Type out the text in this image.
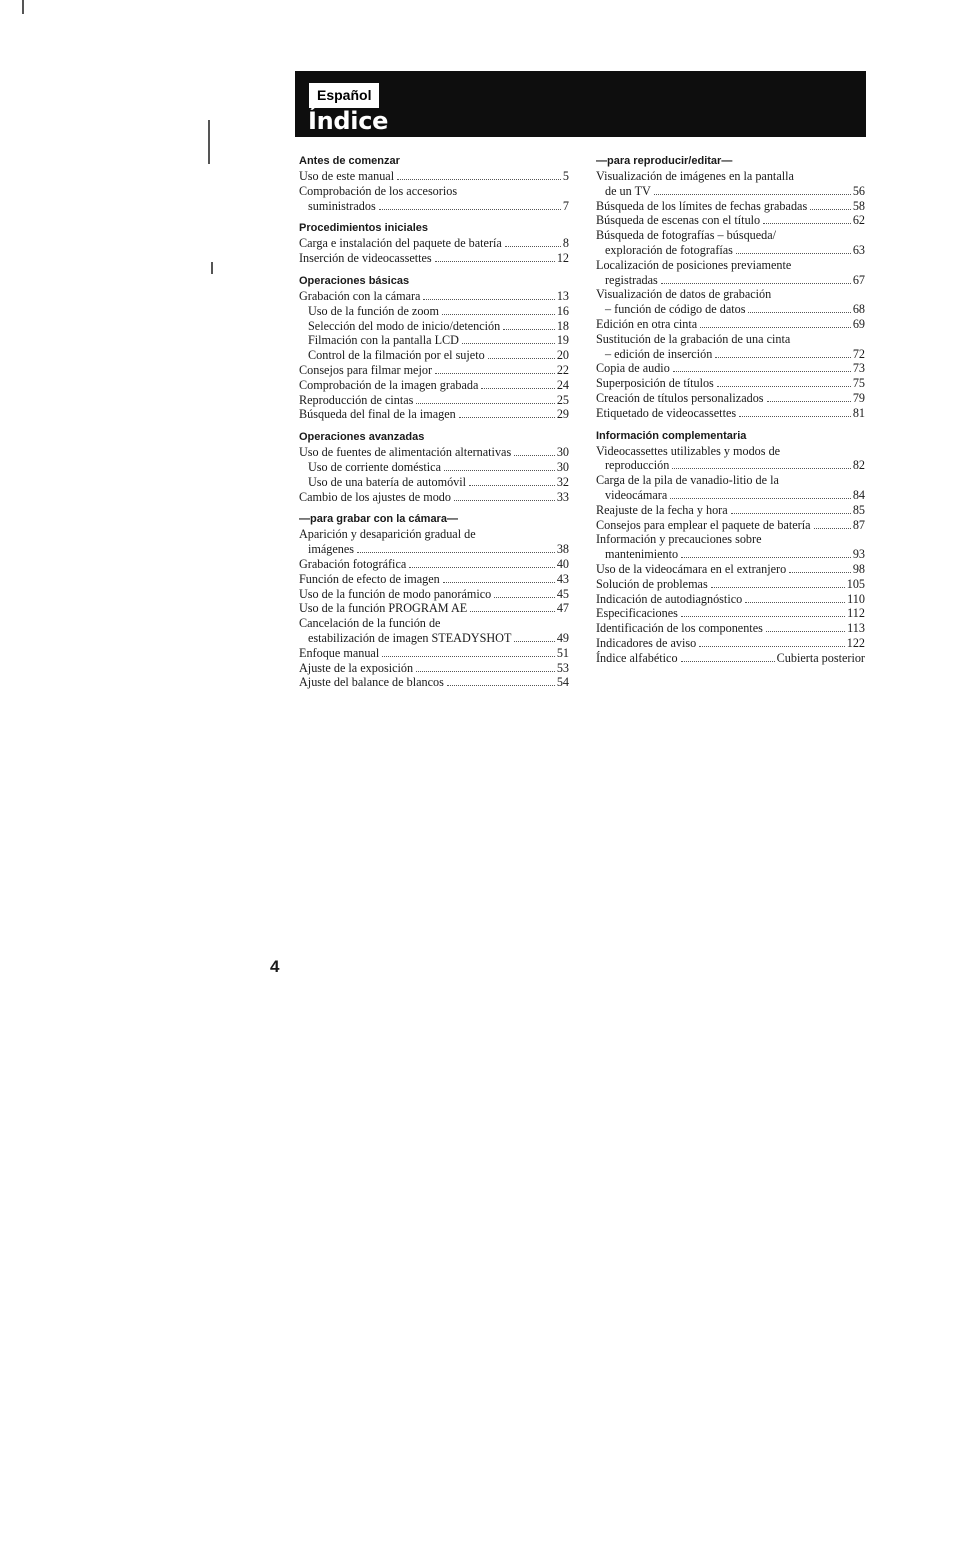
Español
Índice
Antes de comenzar
Uso de este manual	5
Comprobación de los accesorios
suministrados	7
Procedimientos iniciales
Carga e instalación del paquete de batería	8
Inserción de videocassettes	12
Operaciones básicas
Grabación con la cámara	13
Uso de la función de zoom	16
Selección del modo de inicio/detención	18
Filmación con la pantalla LCD	19
Control de la filmación por el sujeto	20
Consejos para filmar mejor	22
Comprobación de la imagen grabada	24
Reproducción de cintas	25
Búsqueda del final de la imagen	29
Operaciones avanzadas
Uso de fuentes de alimentación alternativas	30
Uso de corriente doméstica	30
Uso de una batería de automóvil	32
Cambio de los ajustes de modo	33
—para grabar con la cámara—
Aparición y desaparición gradual de
imágenes	38
Grabación fotográfica	40
Función de efecto de imagen	43
Uso de la función de modo panorámico	45
Uso de la función PROGRAM AE	47
Cancelación de la función de
estabilización de imagen STEADYSHOT	49
Enfoque manual	51
Ajuste de la exposición	53
Ajuste del balance de blancos	54
—para reproducir/editar—
Visualización de imágenes en la pantalla
de un TV	56
Búsqueda de los límites de fechas grabadas	58
Búsqueda de escenas con el título	62
Búsqueda de fotografías – búsqueda/
exploración de fotografías	63
Localización de posiciones previamente
registradas	67
Visualización de datos de grabación
– función de código de datos	68
Edición en otra cinta	69
Sustitución de la grabación de una cinta
– edición de inserción	72
Copia de audio	73
Superposición de títulos	75
Creación de títulos personalizados	79
Etiquetado de videocassettes	81
Información complementaria
Videocassettes utilizables y modos de
reproducción	82
Carga de la pila de vanadio-litio de la
videocámara	84
Reajuste de la fecha y hora	85
Consejos para emplear el paquete de batería	87
Información y precauciones sobre
mantenimiento	93
Uso de la videocámara en el extranjero	98
Solución de problemas	105
Indicación de autodiagnóstico	110
Especificaciones	112
Identificación de los componentes	113
Indicadores de aviso	122
Índice alfabético	Cubierta posterior
4
